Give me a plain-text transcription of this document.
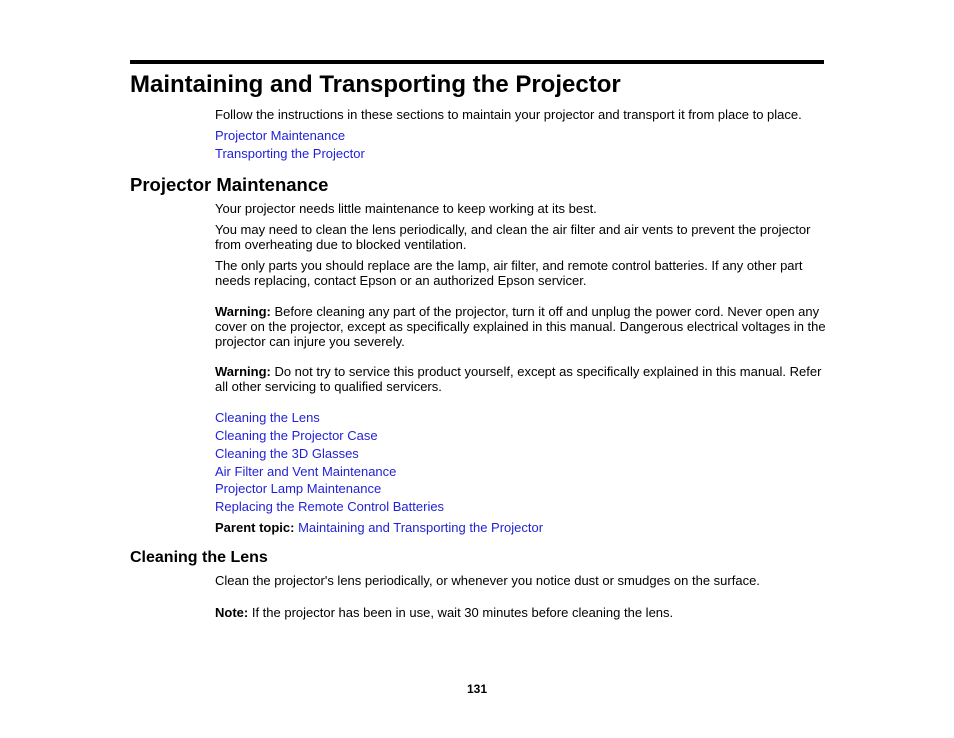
Maintaining and Transporting the Projector

Follow the instructions in these sections to maintain your projector and transport it from place to place.

Projector Maintenance

Transporting the Projector

Projector Maintenance

Your projector needs little maintenance to keep working at its best.

You may need to clean the lens periodically, and clean the air filter and air vents to prevent the projector from overheating due to blocked ventilation.

The only parts you should replace are the lamp, air filter, and remote control batteries. If any other part needs replacing, contact Epson or an authorized Epson servicer.

Warning: Before cleaning any part of the projector, turn it off and unplug the power cord. Never open any cover on the projector, except as specifically explained in this manual. Dangerous electrical voltages in the projector can injure you severely.

Warning: Do not try to service this product yourself, except as specifically explained in this manual. Refer all other servicing to qualified servicers.

Cleaning the Lens

Cleaning the Projector Case

Cleaning the 3D Glasses

Air Filter and Vent Maintenance

Projector Lamp Maintenance

Replacing the Remote Control Batteries

Parent topic: Maintaining and Transporting the Projector

Cleaning the Lens

Clean the projector's lens periodically, or whenever you notice dust or smudges on the surface.

Note: If the projector has been in use, wait 30 minutes before cleaning the lens.

131
